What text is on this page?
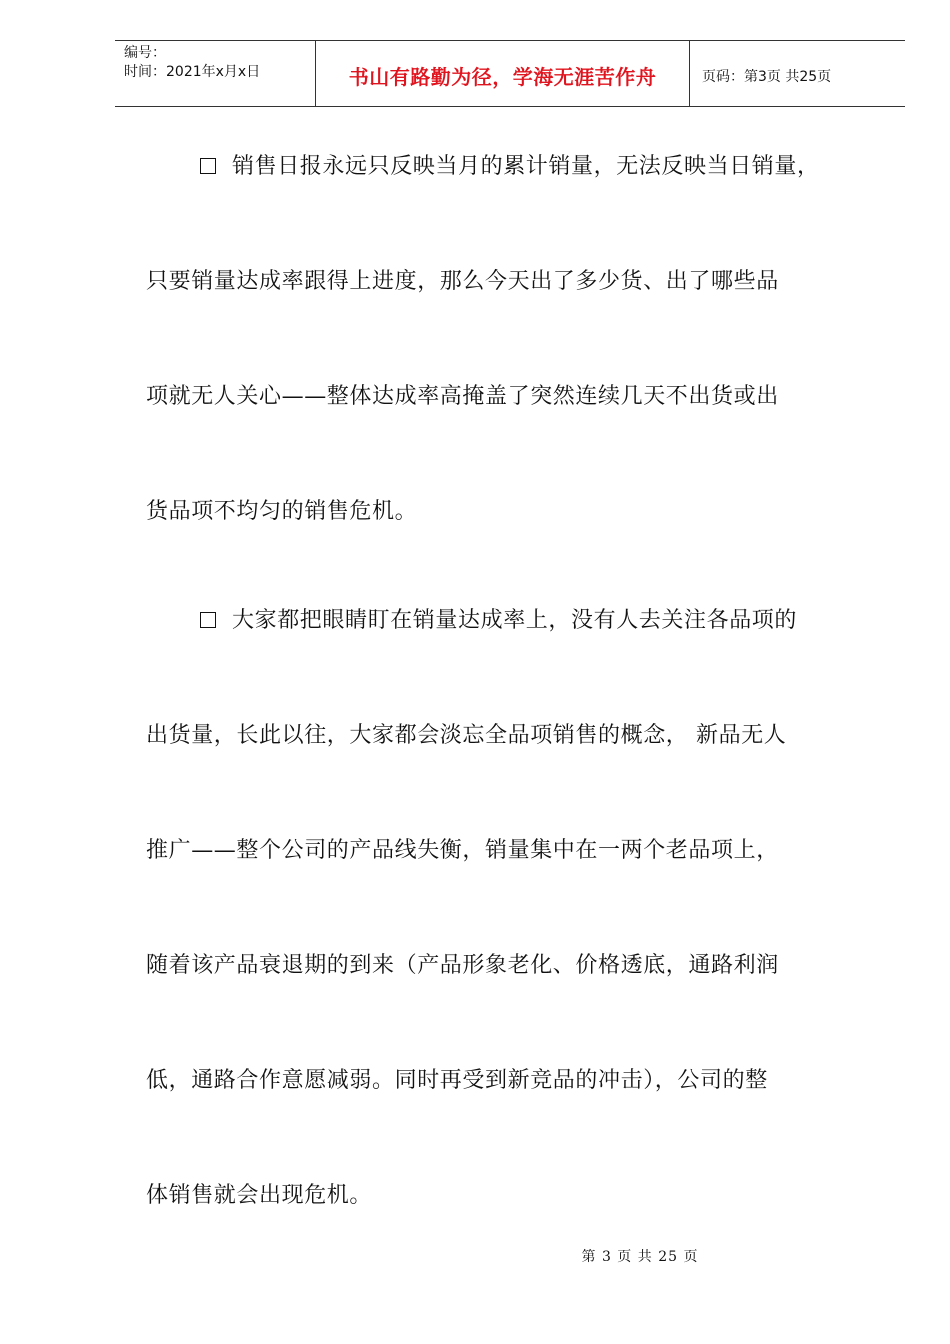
编号：
时间：2021年x月x日	书山有路勤为径，学海无涯苦作舟	页码：第3页 共25页
销售日报永远只反映当月的累计销量，无法反映当日销量，
只要销量达成率跟得上进度，那么今天出了多少货、出了哪些品
项就无人关心——整体达成率高掩盖了突然连续几天不出货或出
货品项不均匀的销售危机。
大家都把眼睛盯在销量达成率上，没有人去关注各品项的
出货量，长此以往，大家都会淡忘全品项销售的概念， 新品无人
推广——整个公司的产品线失衡，销量集中在一两个老品项上，
随着该产品衰退期的到来（产品形象老化、价格透底，通路利润
低，通路合作意愿减弱。同时再受到新竞品的冲击），公司的整
体销售就会出现危机。
第 3 页 共 25 页
